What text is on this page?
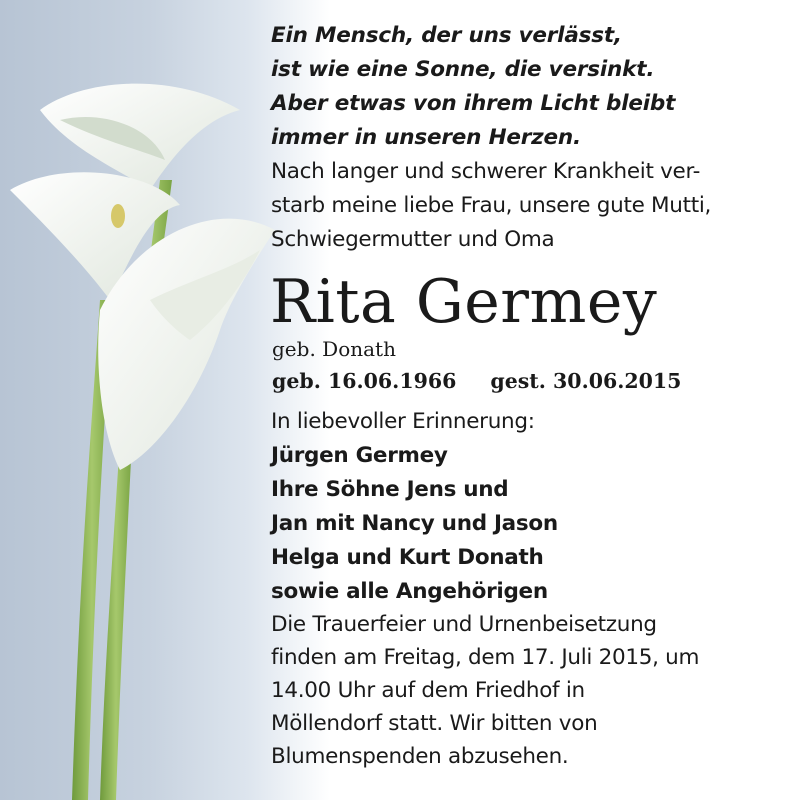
Ein Mensch, der uns verlässt,
ist wie eine Sonne, die versinkt.
Aber etwas von ihrem Licht bleibt
immer in unseren Herzen.
Nach langer und schwerer Krankheit ver-
starb meine liebe Frau, unsere gute Mutti,
Schwiegermutter und Oma
Rita Germey
geb. Donath
geb. 16.06.1966 gest. 30.06.2015
In liebevoller Erinnerung:
Jürgen Germey
Ihre Söhne Jens und
Jan mit Nancy und Jason
Helga und Kurt Donath
sowie alle Angehörigen
Die Trauerfeier und Urnenbeisetzung
finden am Freitag, dem 17. Juli 2015, um
14.00 Uhr auf dem Friedhof in
Möllendorf statt. Wir bitten von
Blumenspenden abzusehen.
